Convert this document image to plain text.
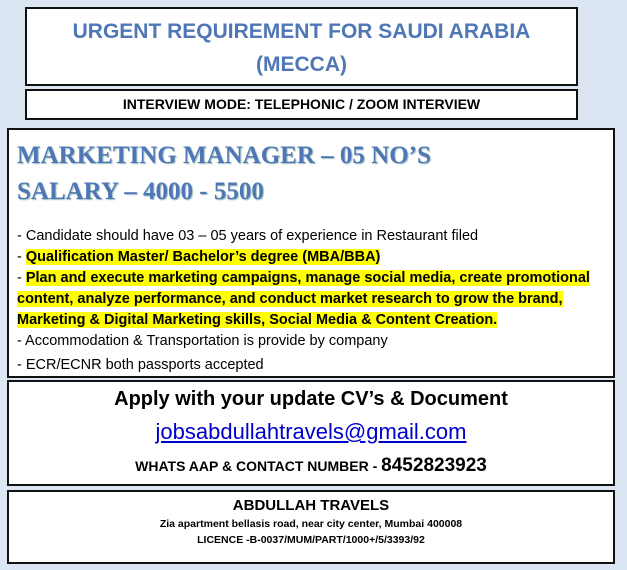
URGENT REQUIREMENT FOR SAUDI ARABIA
(MECCA)
INTERVIEW MODE: TELEPHONIC / ZOOM INTERVIEW
MARKETING MANAGER – 05 NO’S
SALARY – 4000 - 5500
- Candidate should have 03 – 05 years of experience in Restaurant filed
- Qualification Master/ Bachelor’s degree (MBA/BBA)
- Plan and execute marketing campaigns, manage social media, create promotional content, analyze performance, and conduct market research to grow the brand, Marketing & Digital Marketing skills, Social Media & Content Creation.
- Accommodation & Transportation is provide by company
- ECR/ECNR both passports accepted
Apply with your update CV’s & Document
jobsabdullahtravels@gmail.com
WHATS AAP & CONTACT NUMBER - 8452823923
ABDULLAH TRAVELS
Zia apartment bellasis road, near city center, Mumbai 400008
LICENCE -B-0037/MUM/PART/1000+/5/3393/92
